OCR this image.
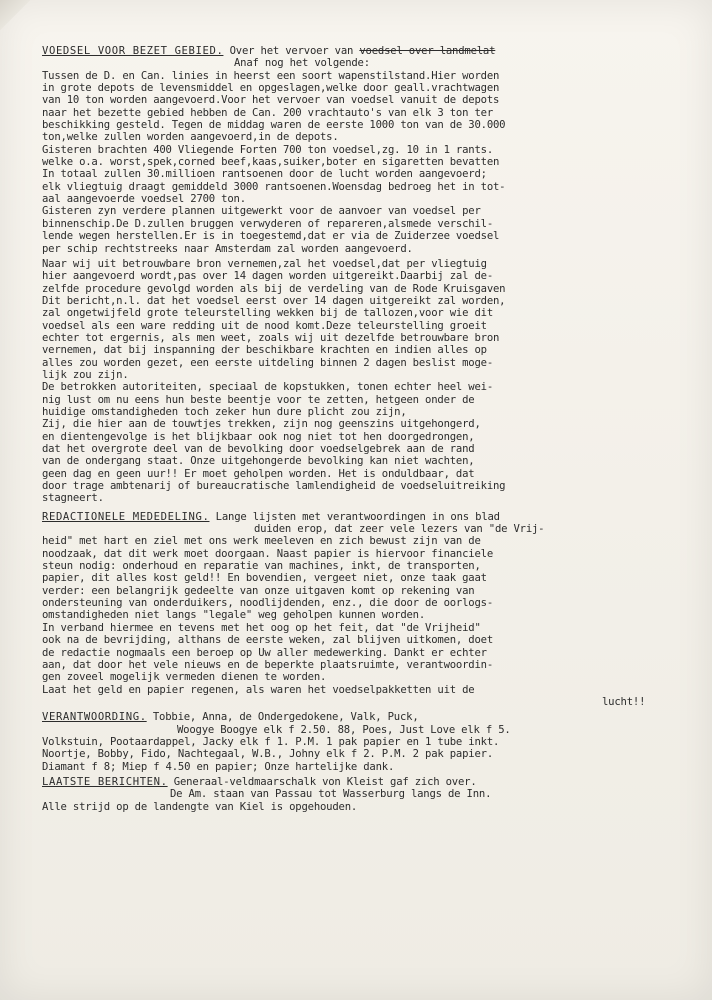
VOEDSEL VOOR BEZET GEBIED. Over het vervoer van voedsel over landmelat
Anaf nog het volgende:
Tussen de D. en Can. linies in heerst een soort wapenstilstand.Hier worden
in grote depots de levensmiddel en opgeslagen,welke door geall.vrachtwagen
van 10 ton worden aangevoerd.Voor het vervoer van voedsel vanuit de depots
naar het bezette gebied hebben de Can. 200 vrachtauto's van elk 3 ton ter
beschikking gesteld. Tegen de middag waren de eerste 1000 ton van de 30.000
ton,welke zullen worden aangevoerd,in de depots.
Gisteren brachten 400 Vliegende Forten 700 ton voedsel,zg. 10 in 1 rants.
welke o.a. worst,spek,corned beef,kaas,suiker,boter en sigaretten bevatten
In totaal zullen 30.millioen rantsoenen door de lucht worden aangevoerd;
elk vliegtuig draagt gemiddeld 3000 rantsoenen.Woensdag bedroeg het in tot-
aal aangevoerde voedsel 2700 ton.
Gisteren zyn verdere plannen uitgewerkt voor de aanvoer van voedsel per
binnenschip.De D.zullen bruggen verwyderen of repareren,alsmede verschil-
lende wegen herstellen.Er is in toegestemd,dat er via de Zuiderzee voedsel
per schip rechtstreeks naar Amsterdam zal worden aangevoerd.
Naar wij uit betrouwbare bron vernemen,zal het voedsel,dat per vliegtuig
hier aangevoerd wordt,pas over 14 dagen worden uitgereikt.Daarbij zal de-
zelfde procedure gevolgd worden als bij de verdeling van de Rode Kruisgaven
Dit bericht,n.l. dat het voedsel eerst over 14 dagen uitgereikt zal worden,
zal ongetwijfeld grote teleurstelling wekken bij de tallozen,voor wie dit
voedsel als een ware redding uit de nood komt.Deze teleurstelling groeit
echter tot ergernis, als men weet, zoals wij uit dezelfde betrouwbare bron
vernemen, dat bij inspanning der beschikbare krachten en indien alles op
alles zou worden gezet, een eerste uitdeling binnen 2 dagen beslist moge-
lijk zou zijn.
De betrokken autoriteiten, speciaal de kopstukken, tonen echter heel wei-
nig lust om nu eens hun beste beentje voor te zetten, hetgeen onder de
huidige omstandigheden toch zeker hun dure plicht zou zijn,
Zij, die hier aan de touwtjes trekken, zijn nog geenszins uitgehongerd,
en dientengevolge is het blijkbaar ook nog niet tot hen doorgedrongen,
dat het overgrote deel van de bevolking door voedselgebrek aan de rand
van de ondergang staat. Onze uitgehongerde bevolking kan niet wachten,
geen dag en geen uur!! Er moet geholpen worden. Het is onduldbaar, dat
door trage ambtenarij of bureaucratische lamlendigheid de voedseluitreiking
stagneert.
REDACTIONELE MEDEDELING. Lange lijsten met verantwoordingen in ons blad
duiden erop, dat zeer vele lezers van "de Vrij-
heid" met hart en ziel met ons werk meeleven en zich bewust zijn van de
noodzaak, dat dit werk moet doorgaan. Naast papier is hiervoor financiele
steun nodig: onderhoud en reparatie van machines, inkt, de transporten,
papier, dit alles kost geld!! En bovendien, vergeet niet, onze taak gaat
verder: een belangrijk gedeelte van onze uitgaven komt op rekening van
ondersteuning van onderduikers, noodlijdenden, enz., die door de oorlogs-
omstandigheden niet langs "legale" weg geholpen kunnen worden.
In verband hiermee en tevens met het oog op het feit, dat "de Vrijheid"
ook na de bevrijding, althans de eerste weken, zal blijven uitkomen, doet
de redactie nogmaals een beroep op Uw aller medewerking. Dankt er echter
aan, dat door het vele nieuws en de beperkte plaatsruimte, verantwoordin-
gen zoveel mogelijk vermeden dienen te worden.
Laat het geld en papier regenen, als waren het voedselpakketten uit de
lucht!!
VERANTWOORDING. Tobbie, Anna, de Ondergedokene, Valk, Puck,
Woogye Boogye elk f 2.50. 88, Poes, Just Love elk f 5.
Volkstuin, Pootaardappel, Jacky elk f 1. P.M. 1 pak papier en 1 tube inkt.
Noortje, Bobby, Fido, Nachtegaal, W.B., Johny elk f 2. P.M. 2 pak papier.
Diamant f 8; Miep f 4.50 en papier; Onze hartelijke dank.
LAATSTE BERICHTEN. Generaal-veldmaarschalk von Kleist gaf zich over.
De Am. staan van Passau tot Wasserburg langs de Inn.
Alle strijd op de landengte van Kiel is opgehouden.
